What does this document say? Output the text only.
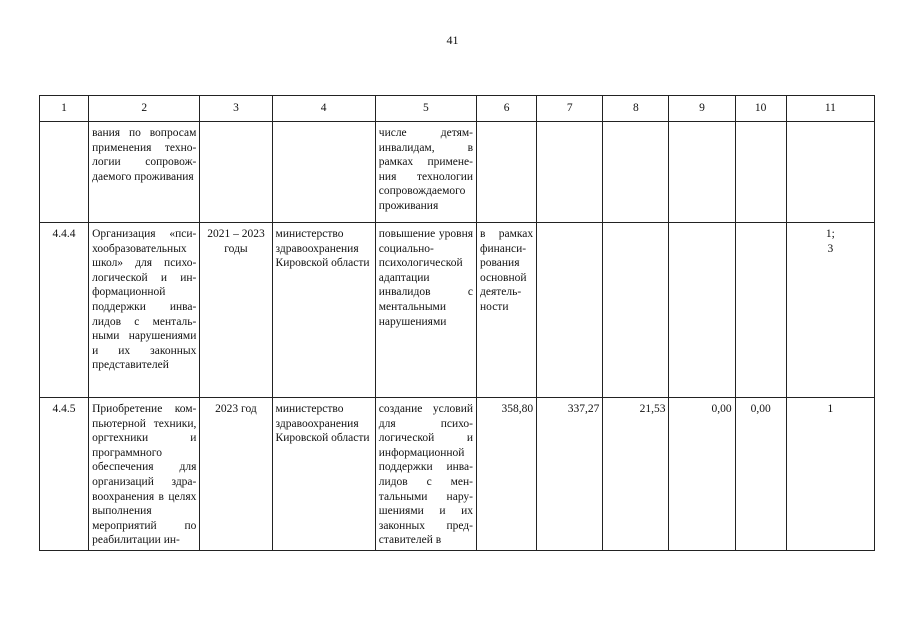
41
1	2	3	4	5	6	7	8	9	10	11
	вания по вопросам применения технологии сопровождаемого проживания			числе детям-инвалидам, в рамках применения технологии сопровождаемого проживания						
4.4.4	Организация «психообразовательных школ» для психологической и информационной поддержки инвалидов с ментальными нарушениями и их законных представителей	2021 – 2023 годы	министерство здравоохранения Кировской области	повышение уровня социально-психологической адаптации инвалидов с ментальными нарушениями	в рамках финансирования основной деятельности					1;
3
4.4.5	Приобретение компьютерной техники, оргтехники и программного обеспечения для организаций здравоохранения в целях выполнения мероприятий по реабилитации ин-	2023 год	министерство здравоохранения Кировской области	создание условий для психологической и информационной поддержки инвалидов с ментальными нарушениями и их законных представителей в	358,80	337,27	21,53	0,00	0,00	1
